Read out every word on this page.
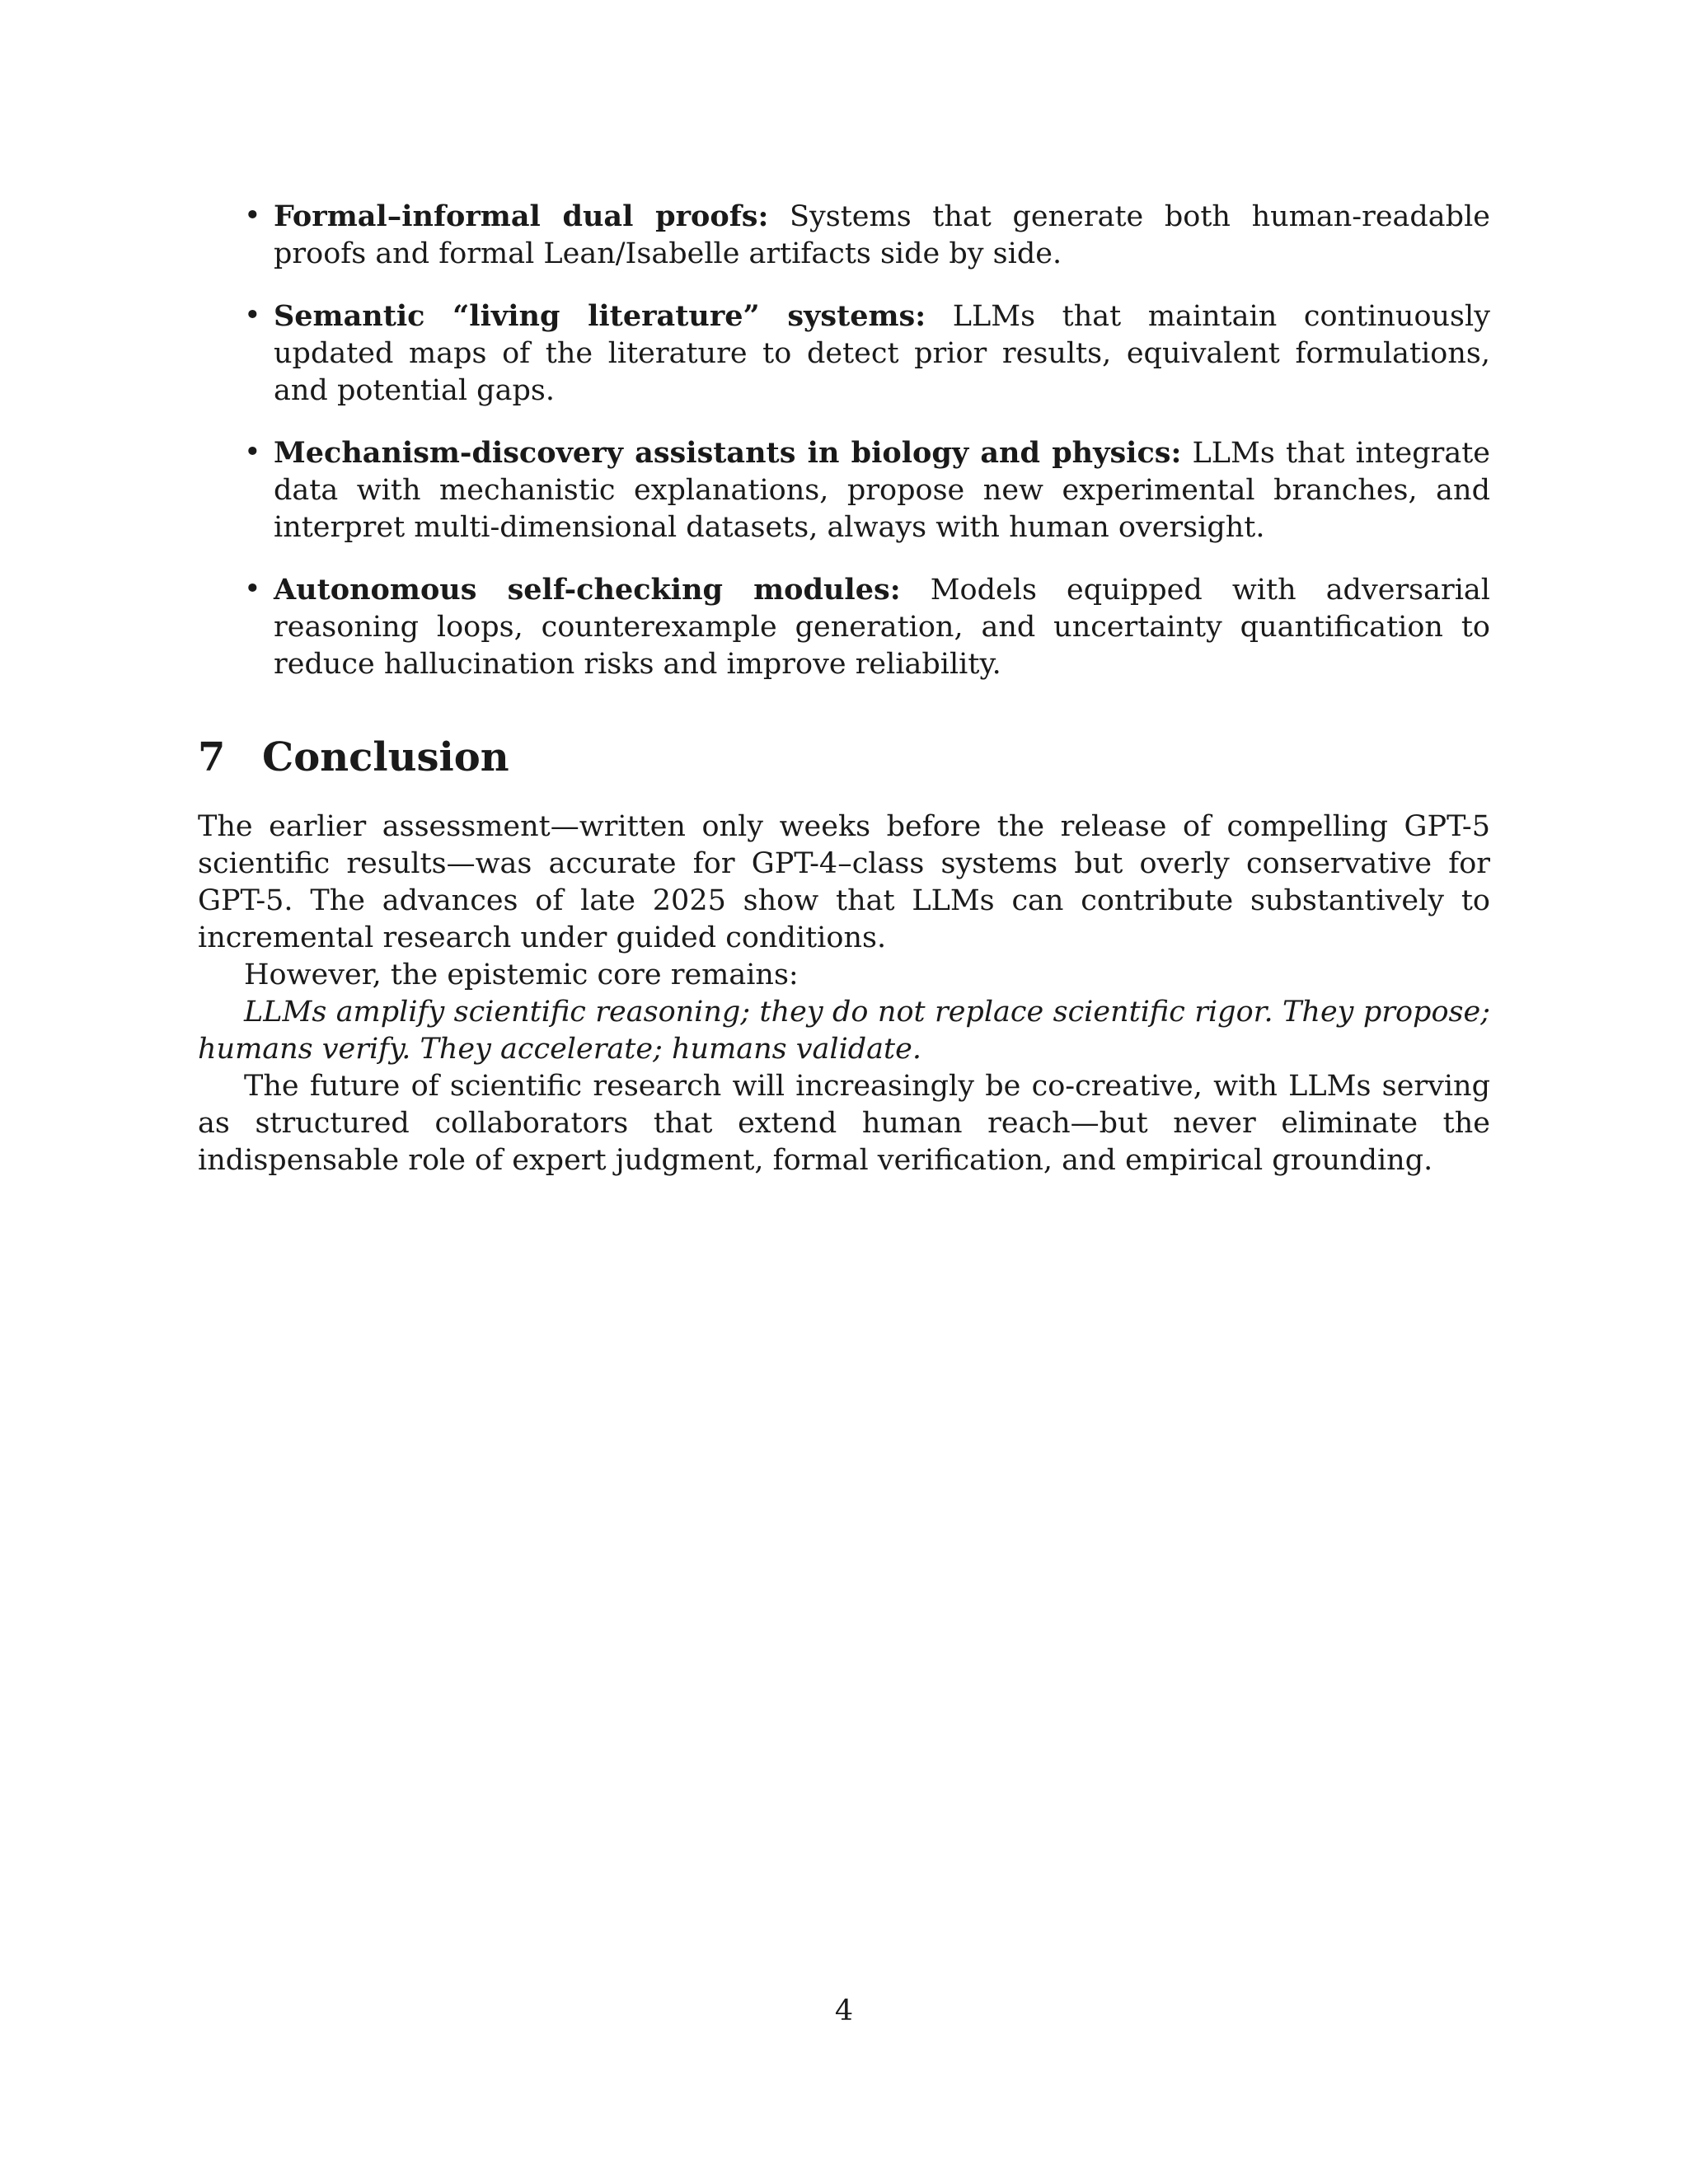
• Formal–informal dual proofs: Systems that generate both human-readable proofs and formal Lean/Isabelle artifacts side by side.
• Semantic “living literature” systems: LLMs that maintain continuously updated maps of the literature to detect prior results, equivalent formulations, and potential gaps.
• Mechanism-discovery assistants in biology and physics: LLMs that integrate data with mechanistic explanations, propose new experimental branches, and interpret multi-dimensional datasets, always with human oversight.
• Autonomous self-checking modules: Models equipped with adversarial reasoning loops, counterexample generation, and uncertainty quantification to reduce hallucination risks and improve reliability.
7 Conclusion

The earlier assessment—written only weeks before the release of compelling GPT-5 scientific results—was accurate for GPT-4–class systems but overly conservative for GPT-5. The advances of late 2025 show that LLMs can contribute substantively to incremental research under guided conditions.

However, the epistemic core remains:

LLMs amplify scientific reasoning; they do not replace scientific rigor. They propose; humans verify. They accelerate; humans validate.

The future of scientific research will increasingly be co-creative, with LLMs serving as structured collaborators that extend human reach—but never eliminate the indispensable role of expert judgment, formal verification, and empirical grounding.

4
